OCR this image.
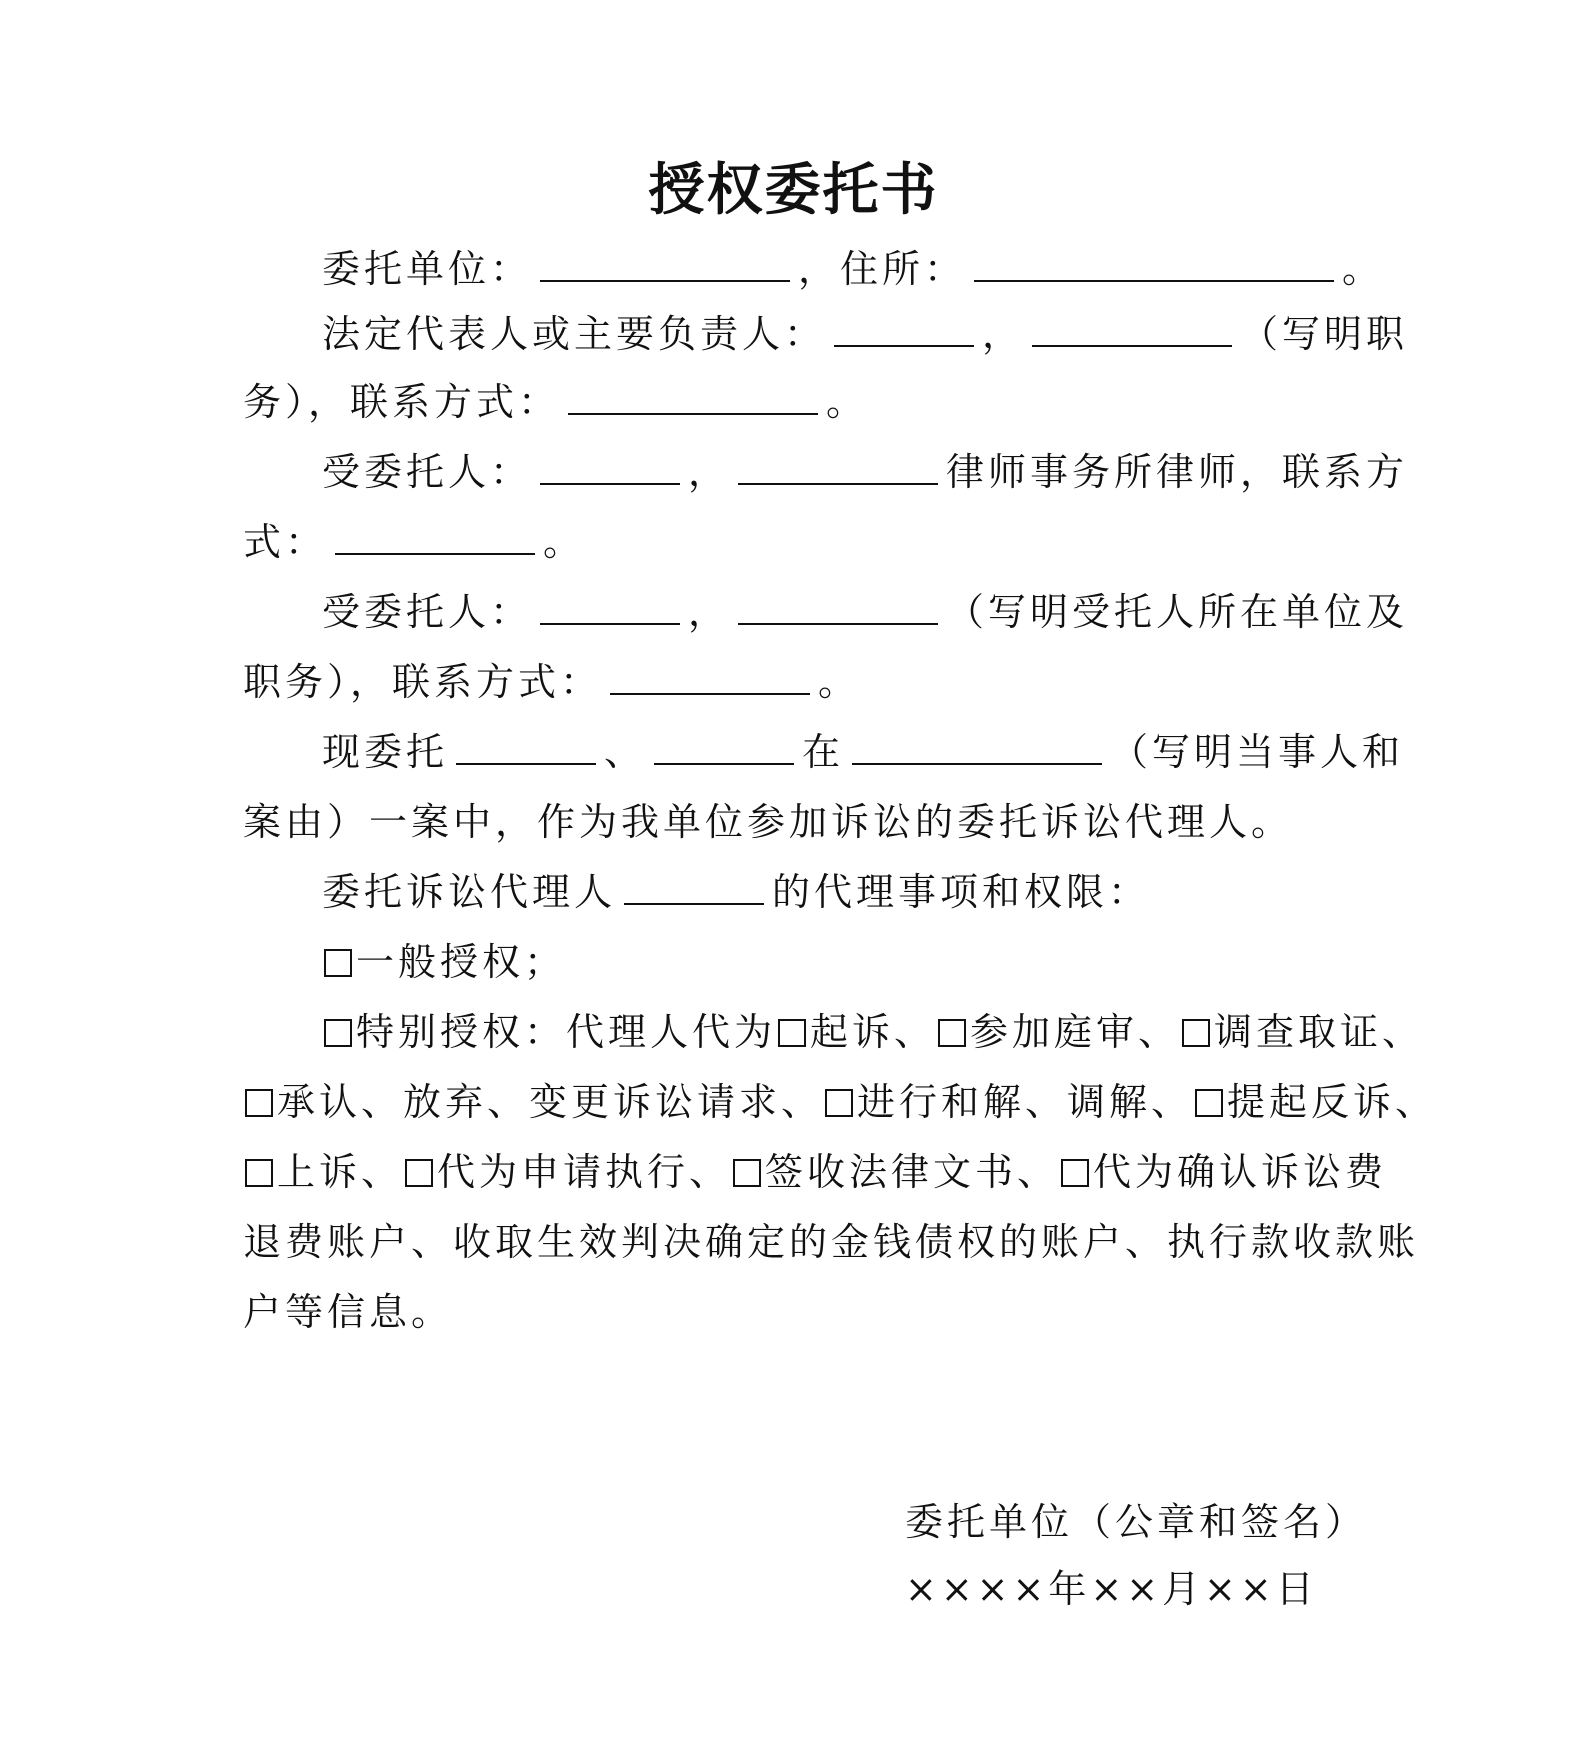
授权委托书
委托单位：	，住所：	。
法定代表人或主要负责人：	，	（写明职
务），联系方式：	。
受委托人：	，	律师事务所律师，联系方
式：	。
受委托人：	，	（写明受托人所在单位及
职务），联系方式：	。
现委托	、	在	（写明当事人和
案由）一案中，作为我单位参加诉讼的委托诉讼代理人。
委托诉讼代理人	的代理事项和权限：
一般授权；
特别授权：代理人代为 起诉、 参加庭审、 调查取证、
承认、放弃、变更诉讼请求、 进行和解、调解、 提起反诉、
上诉、 代为申请执行、 签收法律文书、 代为确认诉讼费
退费账户、收取生效判决确定的金钱债权的账户、执行款收款账
户等信息。
委托单位（公章和签名）
××××年××月××日
